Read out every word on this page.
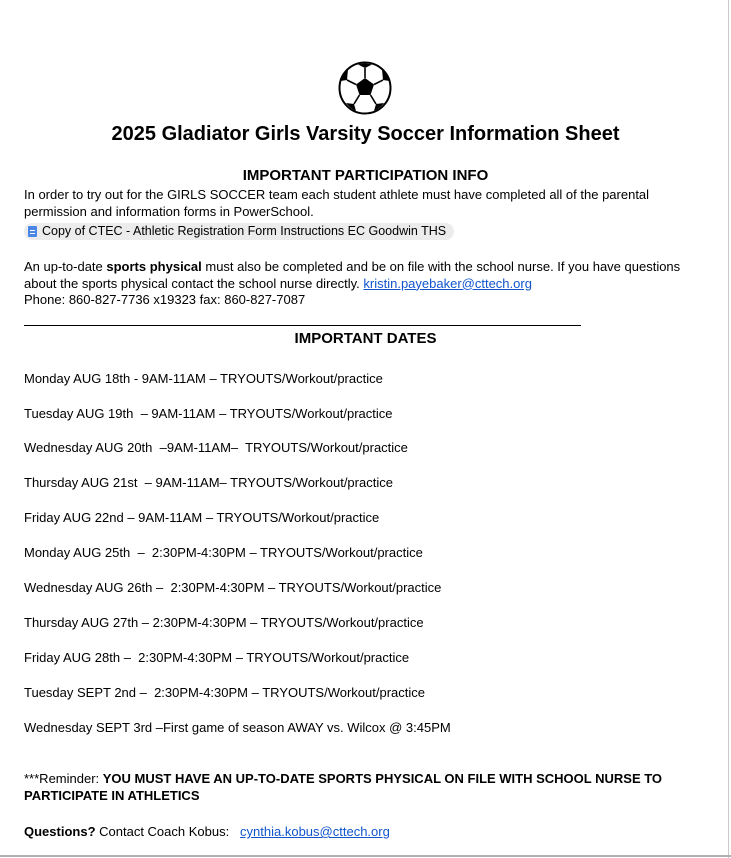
2025 Gladiator Girls Varsity Soccer Information Sheet
IMPORTANT PARTICIPATION INFO
In order to try out for the GIRLS SOCCER team each student athlete must have completed all of the parental
permission and information forms in PowerSchool.
Copy of CTEC - Athletic Registration Form Instructions EC Goodwin THS
An up-to-date sports physical must also be completed and be on file with the school nurse. If you have questions
about the sports physical contact the school nurse directly. kristin.payebaker@cttech.org
Phone: 860-827-7736 x19323 fax: 860-827-7087
IMPORTANT DATES
Monday AUG 18th - 9AM-11AM – TRYOUTS/Workout/practice
Tuesday AUG 19th  – 9AM-11AM – TRYOUTS/Workout/practice
Wednesday AUG 20th  –9AM-11AM–  TRYOUTS/Workout/practice
Thursday AUG 21st  – 9AM-11AM– TRYOUTS/Workout/practice
Friday AUG 22nd – 9AM-11AM – TRYOUTS/Workout/practice
Monday AUG 25th  –  2:30PM-4:30PM – TRYOUTS/Workout/practice
Wednesday AUG 26th –  2:30PM-4:30PM – TRYOUTS/Workout/practice
Thursday AUG 27th – 2:30PM-4:30PM – TRYOUTS/Workout/practice
Friday AUG 28th –  2:30PM-4:30PM – TRYOUTS/Workout/practice
Tuesday SEPT 2nd –  2:30PM-4:30PM – TRYOUTS/Workout/practice
Wednesday SEPT 3rd –First game of season AWAY vs. Wilcox @ 3:45PM
***Reminder: YOU MUST HAVE AN UP-TO-DATE SPORTS PHYSICAL ON FILE WITH SCHOOL NURSE TO
PARTICIPATE IN ATHLETICS
Questions? Contact Coach Kobus:   cynthia.kobus@cttech.org
